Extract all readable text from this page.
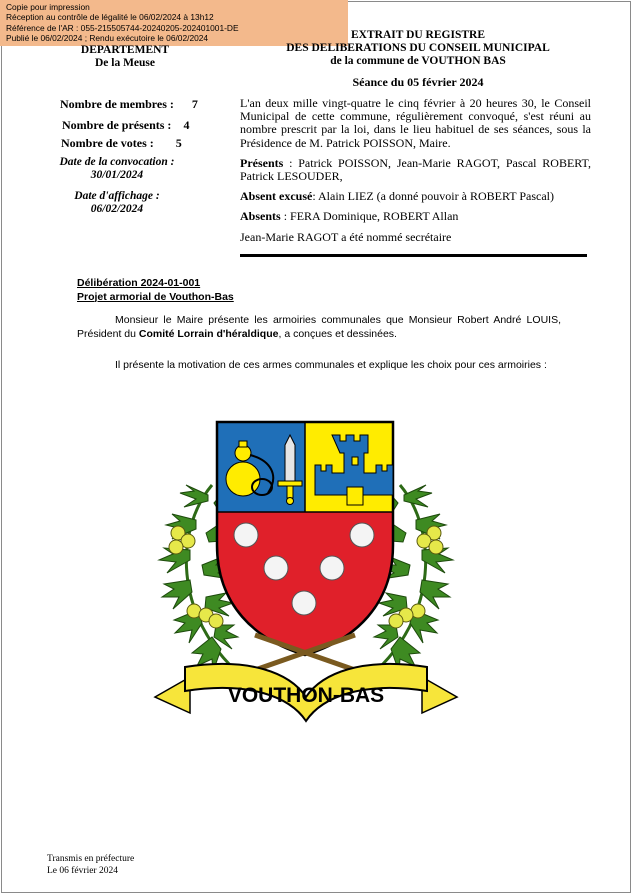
Copie pour impression
Réception au contrôle de légalité le 06/02/2024 à 13h12
Référence de l'AR : 055-215505744-20240205-202401001-DE
Publié le 06/02/2024 ; Rendu exécutoire le 06/02/2024
DEPARTEMENT
De la Meuse
EXTRAIT DU REGISTRE
DES DELIBERATIONS DU CONSEIL MUNICIPAL
de la commune de VOUTHON BAS
Séance du 05 février 2024
Nombre de membres : 7
Nombre de présents : 4
Nombre de votes : 5
Date de la convocation :
30/01/2024
Date d'affichage :
06/02/2024
L'an deux mille vingt-quatre le cinq février à 20 heures 30, le Conseil Municipal de cette commune, régulièrement convoqué, s'est réuni au nombre prescrit par la loi, dans le lieu habituel de ses séances, sous la Présidence de M. Patrick POISSON, Maire.
Présents : Patrick POISSON, Jean-Marie RAGOT, Pascal ROBERT, Patrick LESOUDER,
Absent excusé: Alain LIEZ (a donné pouvoir à ROBERT Pascal)
Absents : FERA Dominique, ROBERT Allan
Jean-Marie RAGOT a été nommé secrétaire
Délibération 2024-01-001
Projet armorial de Vouthon-Bas
Monsieur le Maire présente les armoiries communales que Monsieur Robert André LOUIS, Président du Comité Lorrain d'héraldique, a conçues et dessinées.
Il présente la motivation de ces armes communales et explique les choix pour ces armoiries :
VOUTHON-BAS
Transmis en préfecture
Le 06 février 2024
